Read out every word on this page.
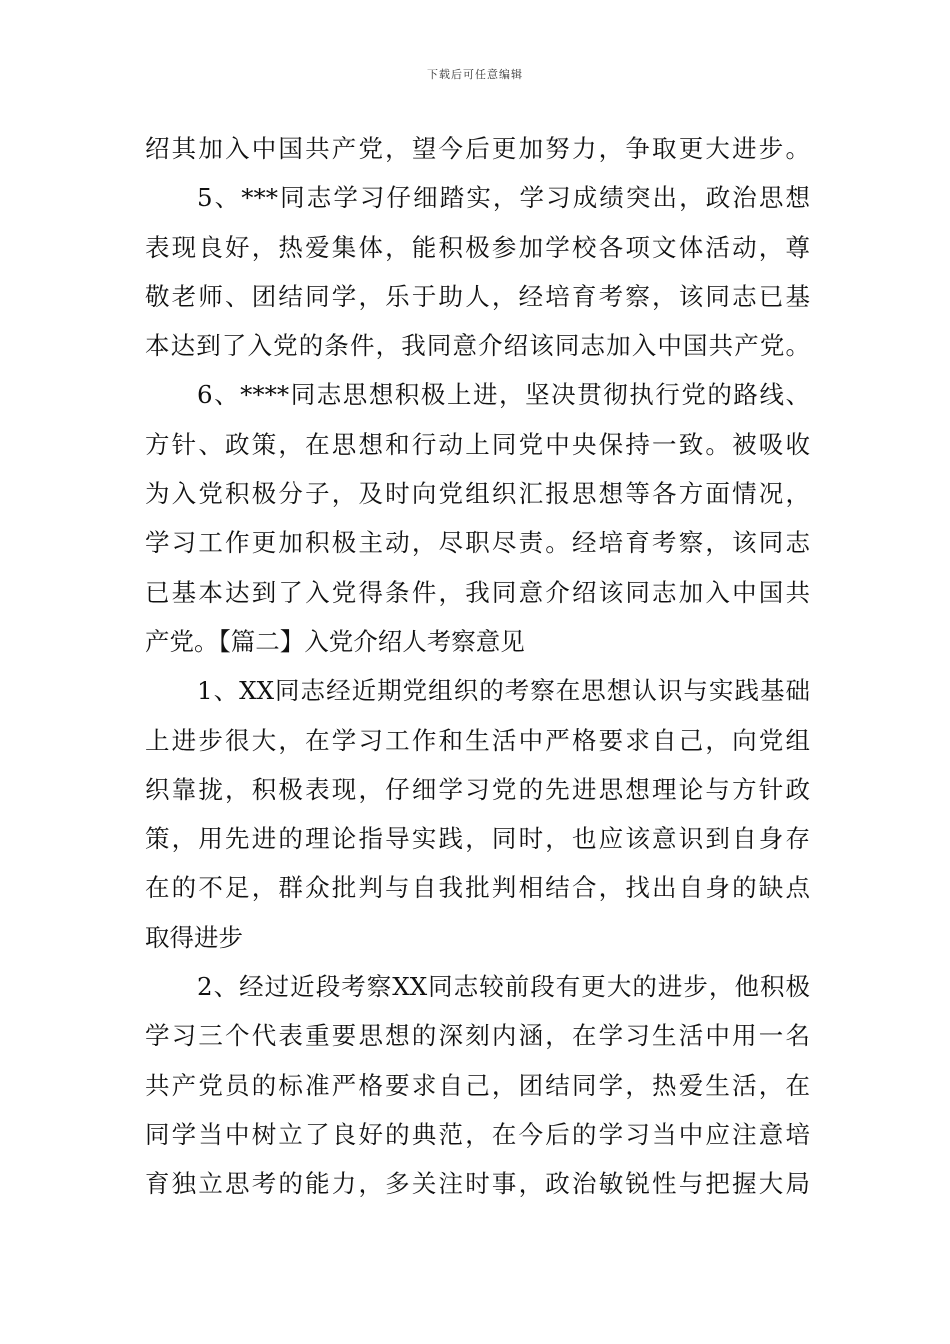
下载后可任意编辑
绍其加入中国共产党，望今后更加努力，争取更大进步。
5、***同志学习仔细踏实，学习成绩突出，政治思想
表现良好，热爱集体，能积极参加学校各项文体活动，尊
敬老师、团结同学，乐于助人，经培育考察，该同志已基
本达到了入党的条件，我同意介绍该同志加入中国共产党。
6、****同志思想积极上进，坚决贯彻执行党的路线、
方针、政策，在思想和行动上同党中央保持一致。被吸收
为入党积极分子，及时向党组织汇报思想等各方面情况，
学习工作更加积极主动，尽职尽责。经培育考察，该同志
已基本达到了入党得条件，我同意介绍该同志加入中国共
产党。【篇二】入党介绍人考察意见
1、XX同志经近期党组织的考察在思想认识与实践基础
上进步很大，在学习工作和生活中严格要求自己，向党组
织靠拢，积极表现，仔细学习党的先进思想理论与方针政
策，用先进的理论指导实践，同时，也应该意识到自身存
在的不足，群众批判与自我批判相结合，找出自身的缺点
取得进步
2、经过近段考察XX同志较前段有更大的进步，他积极
学习三个代表重要思想的深刻内涵，在学习生活中用一名
共产党员的标准严格要求自己，团结同学，热爱生活，在
同学当中树立了良好的典范，在今后的学习当中应注意培
育独立思考的能力，多关注时事，政治敏锐性与把握大局
